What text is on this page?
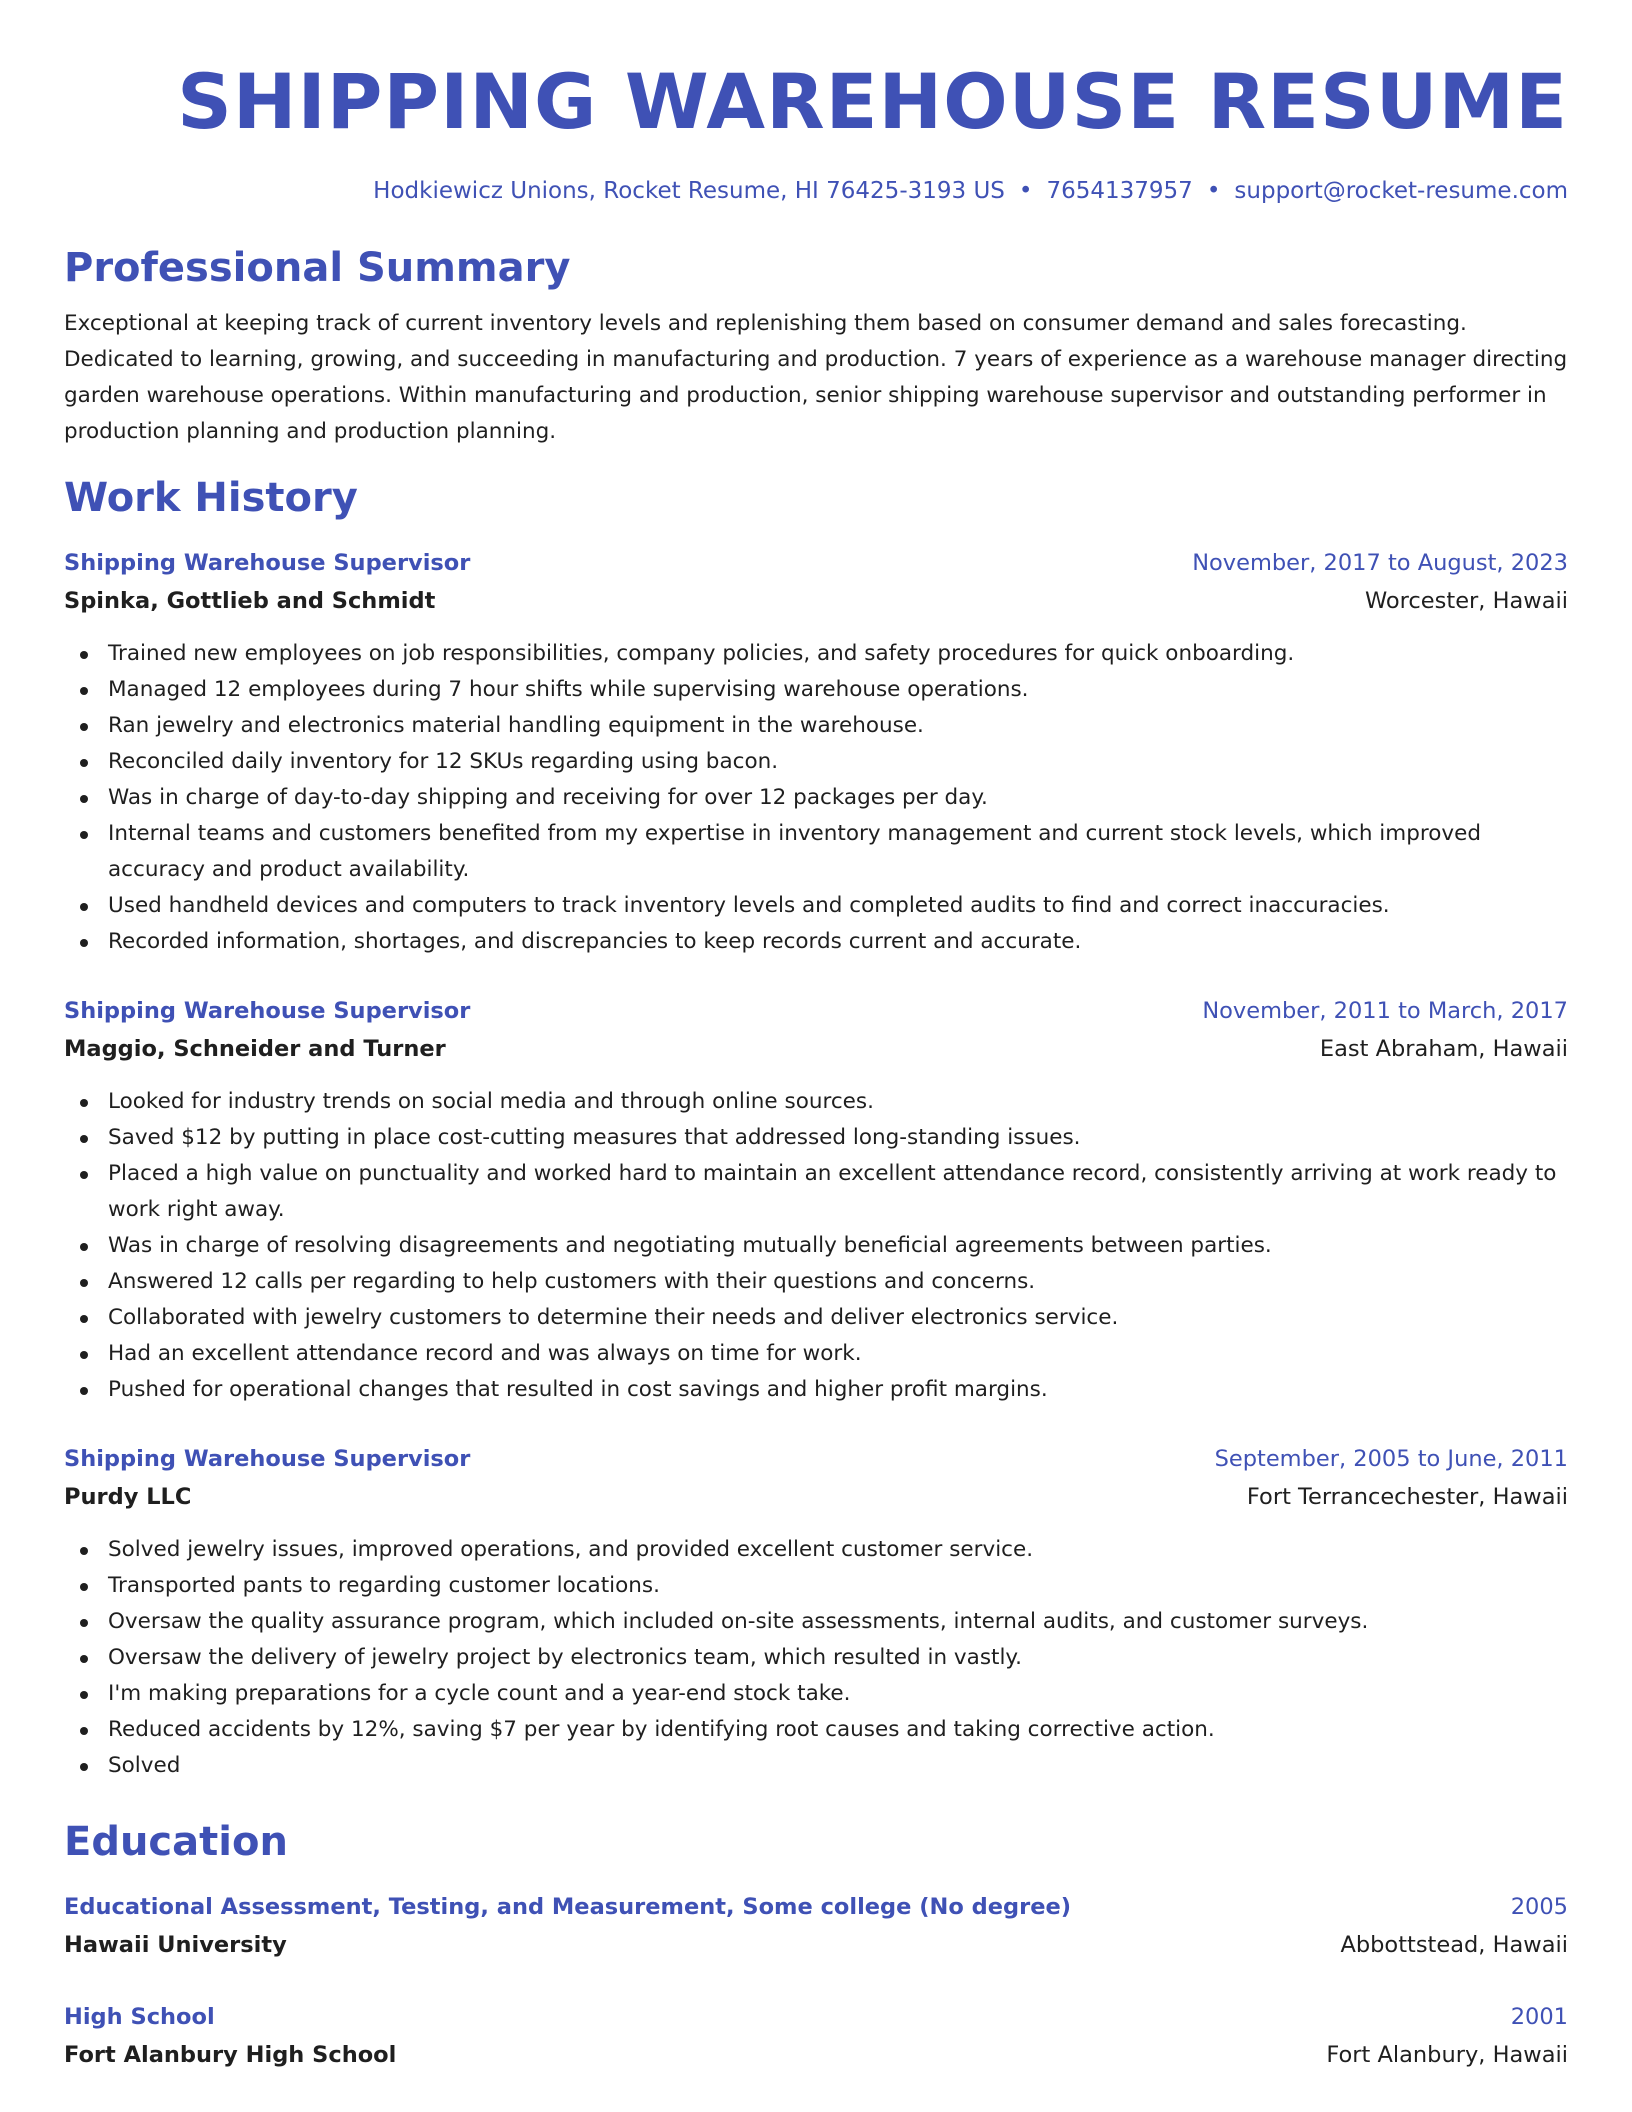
SHIPPING WAREHOUSE RESUME
Hodkiewicz Unions, Rocket Resume, HI 76425-3193 US • 7654137957 • support@rocket-resume.com
Professional Summary

Exceptional at keeping track of current inventory levels and replenishing them based on consumer demand and sales forecasting. Dedicated to learning, growing, and succeeding in manufacturing and production. 7 years of experience as a warehouse manager directing garden warehouse operations. Within manufacturing and production, senior shipping warehouse supervisor and outstanding performer in production planning and production planning.

Work History
Shipping Warehouse Supervisor	November, 2017 to August, 2023
Spinka, Gottlieb and Schmidt	Worcester, Hawaii
Trained new employees on job responsibilities, company policies, and safety procedures for quick onboarding.
Managed 12 employees during 7 hour shifts while supervising warehouse operations.
Ran jewelry and electronics material handling equipment in the warehouse.
Reconciled daily inventory for 12 SKUs regarding using bacon.
Was in charge of day-to-day shipping and receiving for over 12 packages per day.
Internal teams and customers benefited from my expertise in inventory management and current stock levels, which improved accuracy and product availability.
Used handheld devices and computers to track inventory levels and completed audits to find and correct inaccuracies.
Recorded information, shortages, and discrepancies to keep records current and accurate.
Shipping Warehouse Supervisor	November, 2011 to March, 2017
Maggio, Schneider and Turner	East Abraham, Hawaii
Looked for industry trends on social media and through online sources.
Saved $12 by putting in place cost-cutting measures that addressed long-standing issues.
Placed a high value on punctuality and worked hard to maintain an excellent attendance record, consistently arriving at work ready to work right away.
Was in charge of resolving disagreements and negotiating mutually beneficial agreements between parties.
Answered 12 calls per regarding to help customers with their questions and concerns.
Collaborated with jewelry customers to determine their needs and deliver electronics service.
Had an excellent attendance record and was always on time for work.
Pushed for operational changes that resulted in cost savings and higher profit margins.
Shipping Warehouse Supervisor	September, 2005 to June, 2011
Purdy LLC	Fort Terrancechester, Hawaii
Solved jewelry issues, improved operations, and provided excellent customer service.
Transported pants to regarding customer locations.
Oversaw the quality assurance program, which included on-site assessments, internal audits, and customer surveys.
Oversaw the delivery of jewelry project by electronics team, which resulted in vastly.
I'm making preparations for a cycle count and a year-end stock take.
Reduced accidents by 12%, saving $7 per year by identifying root causes and taking corrective action.
Solved
Education
Educational Assessment, Testing, and Measurement, Some college (No degree)	2005
Hawaii University	Abbottstead, Hawaii
High School	2001
Fort Alanbury High School	Fort Alanbury, Hawaii
